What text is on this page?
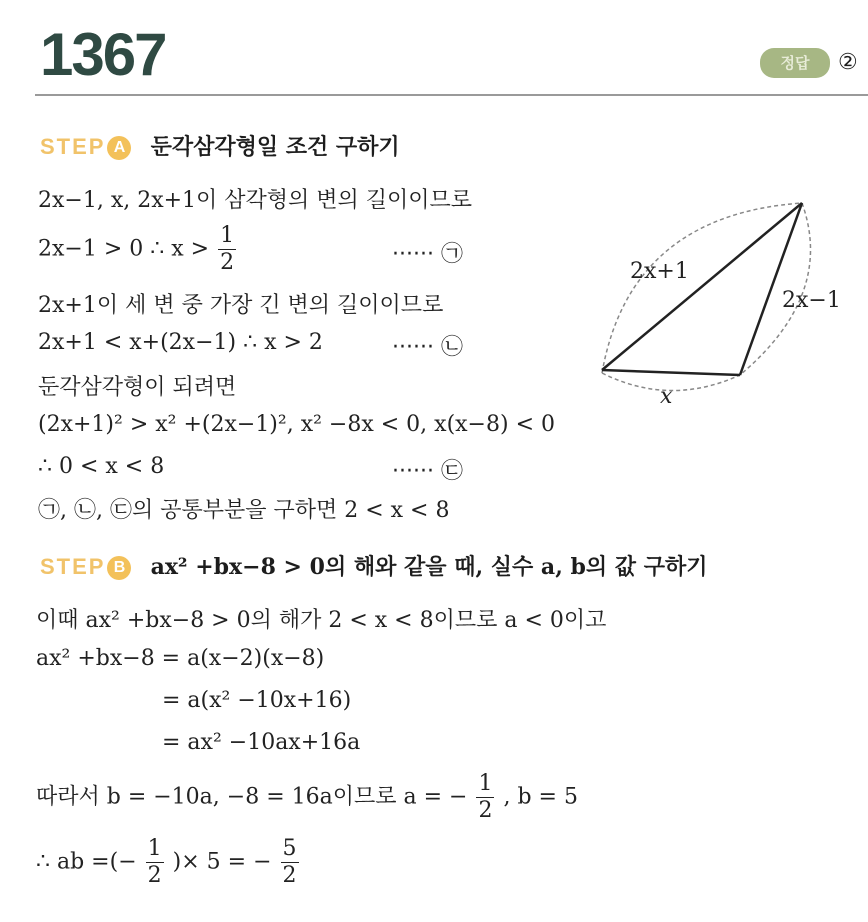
1367	정답	②
STEP A 둔각삼각형일 조건 구하기
2x−1, x, 2x+1이 삼각형의 변의 길이이므로
2x−1 > 0 ∴ $x > \frac{1}{2}$	······ ㉠
2x+1이 세 변 중 가장 긴 변의 길이이므로
2x+1 < x+(2x−1) ∴ x > 2	······ ㉡
둔각삼각형이 되려면
(2x+1)² > x² +(2x−1)², x² −8x < 0, x(x−8) < 0
∴ 0 < x < 8	······ ㉢
㉠, ㉡, ㉢의 공통부분을 구하면 2 < x < 8
2x+1
2x−1
x
STEP B ax² +bx−8 > 0의 해와 같을 때, 실수 a, b의 값 구하기
이때 ax² +bx−8 > 0의 해가 2 < x < 8이므로 a < 0이고
ax² +bx−8 = a(x−2)(x−8)
= a(x² −10x+16)
= ax² −10ax+16a
따라서 b = −10a, −8 = 16a이므로 a = − $\frac{1}{2}$ , b = 5
∴ ab =(− $\frac{1}{2}$ )× 5 = − $\frac{5}{2}$
